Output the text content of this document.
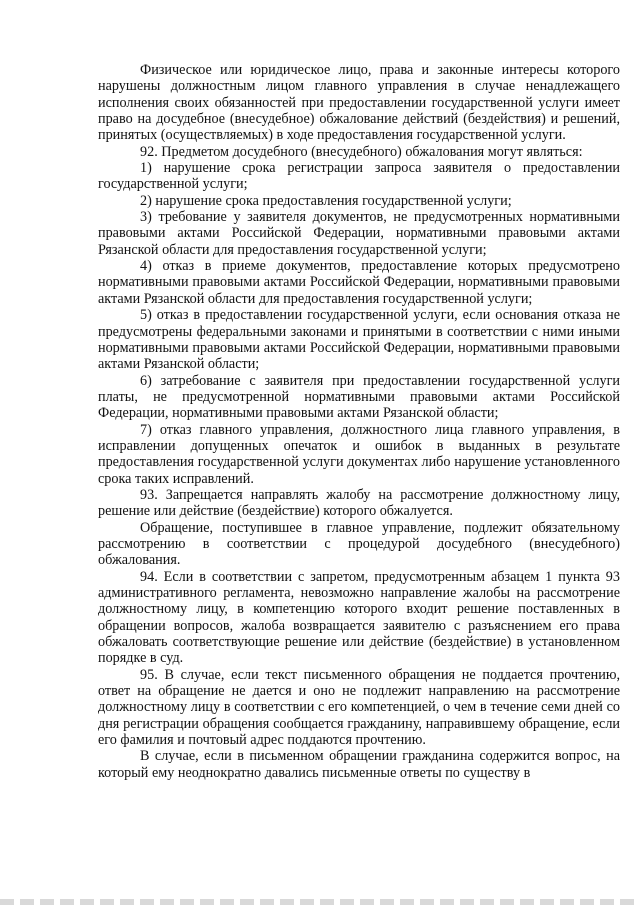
Физическое или юридическое лицо, права и законные интересы которого нарушены должностным лицом главного управления в случае ненадлежащего исполнения своих обязанностей при предоставлении государственной услуги имеет право на досудебное (внесудебное) обжалование действий (бездействия) и решений, принятых (осуществляемых) в ходе предоставления государственной услуги.

92. Предметом досудебного (внесудебного) обжалования могут являться:

1) нарушение срока регистрации запроса заявителя о предоставлении государственной услуги;

2) нарушение срока предоставления государственной услуги;

3) требование у заявителя документов, не предусмотренных нормативными правовыми актами Российской Федерации, нормативными правовыми актами Рязанской области для предоставления государственной услуги;

4) отказ в приеме документов, предоставление которых предусмотрено нормативными правовыми актами Российской Федерации, нормативными правовыми актами Рязанской области для предоставления государственной услуги;

5) отказ в предоставлении государственной услуги, если основания отказа не предусмотрены федеральными законами и принятыми в соответствии с ними иными нормативными правовыми актами Российской Федерации, нормативными правовыми актами Рязанской области;

6) затребование с заявителя при предоставлении государственной услуги платы, не предусмотренной нормативными правовыми актами Российской Федерации, нормативными правовыми актами Рязанской области;

7) отказ главного управления, должностного лица главного управления, в исправлении допущенных опечаток и ошибок в выданных в результате предоставления государственной услуги документах либо нарушение установленного срока таких исправлений.

93. Запрещается направлять жалобу на рассмотрение должностному лицу, решение или действие (бездействие) которого обжалуется.

Обращение, поступившее в главное управление, подлежит обязательному рассмотрению в соответствии с процедурой досудебного (внесудебного) обжалования.

94. Если в соответствии с запретом, предусмотренным абзацем 1 пункта 93 административного регламента, невозможно направление жалобы на рассмотрение должностному лицу, в компетенцию которого входит решение поставленных в обращении вопросов, жалоба возвращается заявителю с разъяснением его права обжаловать соответствующие решение или действие (бездействие) в установленном порядке в суд.

95. В случае, если текст письменного обращения не поддается прочтению, ответ на обращение не дается и оно не подлежит направлению на рассмотрение должностному лицу в соответствии с его компетенцией, о чем в течение семи дней со дня регистрации обращения сообщается гражданину, направившему обращение, если его фамилия и почтовый адрес поддаются прочтению.

В случае, если в письменном обращении гражданина содержится вопрос, на который ему неоднократно давались письменные ответы по существу в
